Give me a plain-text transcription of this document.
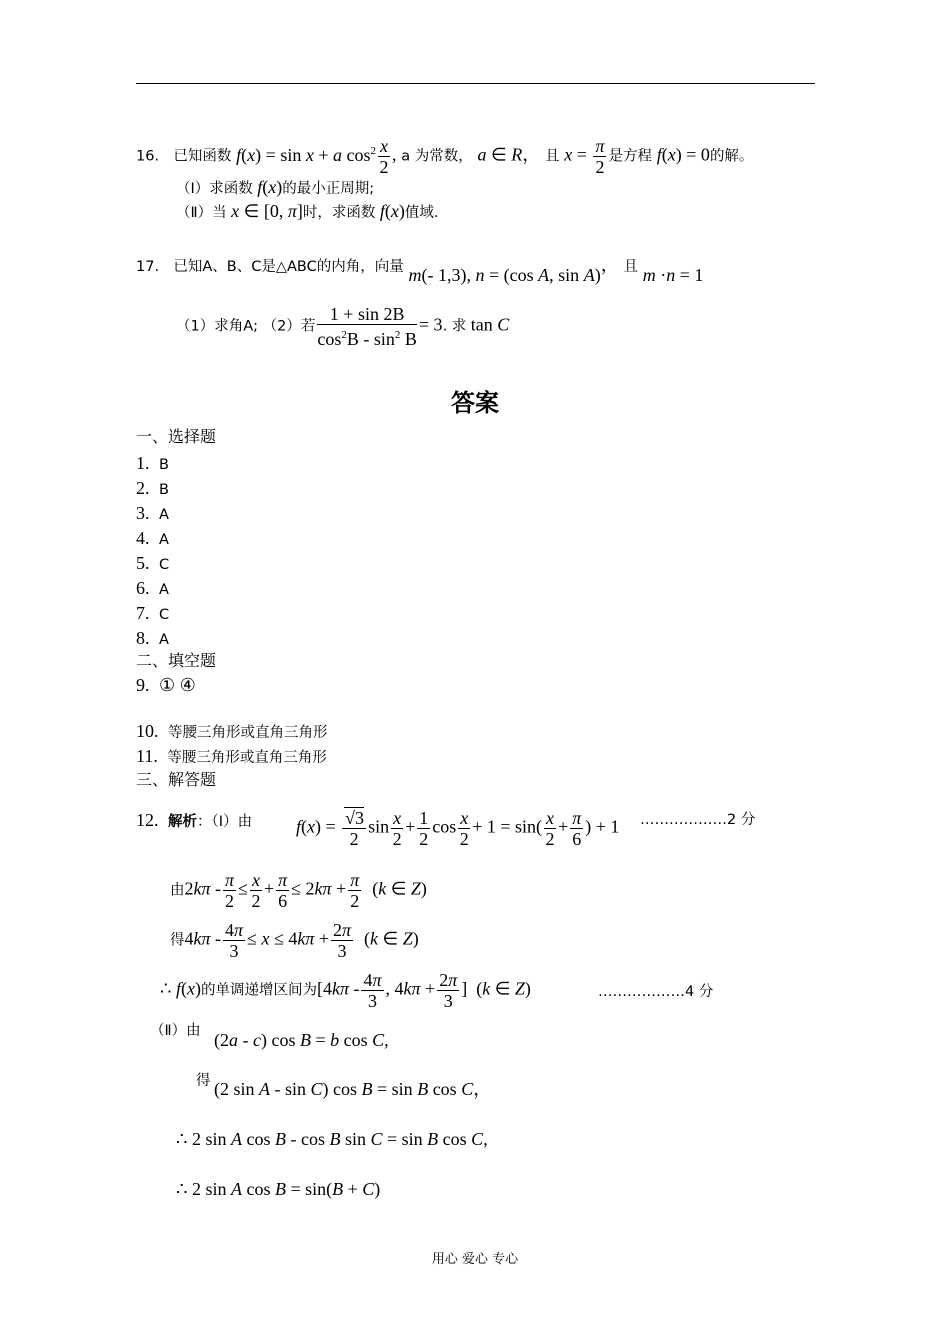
16. 已知函数 f(x) = sin x + a $\cos^2 \frac{x}{2}$ , a 为常数， a ∈ R， 且 $x = \frac{\pi}{2}$ 是方程 f(x) = 0的解。
（Ⅰ）求函数 f(x)的最小正周期;
（Ⅱ）当 x ∈ [0, π]时，求函数 f(x)值域.
17. 已知A、B、C是△ABC的内角，向量 m(- 1,3), n = (cos A, sin A)， 且 m ·n = 1
（1）求角A; （2）若 $\frac{1 + \sin 2B}{\cos^2B - \sin^2 B} = 3$. 求 tan C
答案
一、选择题
1. B
2. B
3. A
4. A
5. C
6. A
7. C
8. A
二、填空题
9. ① ④
10. 等腰三角形或直角三角形
11. 等腰三角形或直角三角形
三、解答题
12. 解析：（Ⅰ）由 $f(x) = \frac{√3}{2}$ $\sin \frac{x}{2} + \frac{1}{2}$ $\cos \frac{x}{2} + 1 = \sin( \frac{x}{2} + \frac{\pi}{6}$ ) + 1 ………………2 分
由$2k\pi - \frac{\pi}{2} \le \frac{x}{2} + \frac{\pi}{6} \le 2k\pi + \frac{\pi}{2} (k$ ∈ Z)
得$4k\pi - \frac{4\pi}{3} \le x \le 4k\pi + \frac{2\pi}{3} (k$ ∈ Z)
∴ f(x)的单调递增区间为[$4k\pi - \frac{4\pi}{3}$ , $4k\pi + \frac{2\pi}{3}$ ]  (k ∈ Z)	………………4 分
（Ⅱ）由 (2a - c) cos B = b cos C,
得 (2 sin A - sin C) cos B = sin B cos C，
∴ 2 sin A cos B - cos B sin C = sin B cos C,
∴ 2 sin A cos B = sin(B + C)
用心 爱心 专心
